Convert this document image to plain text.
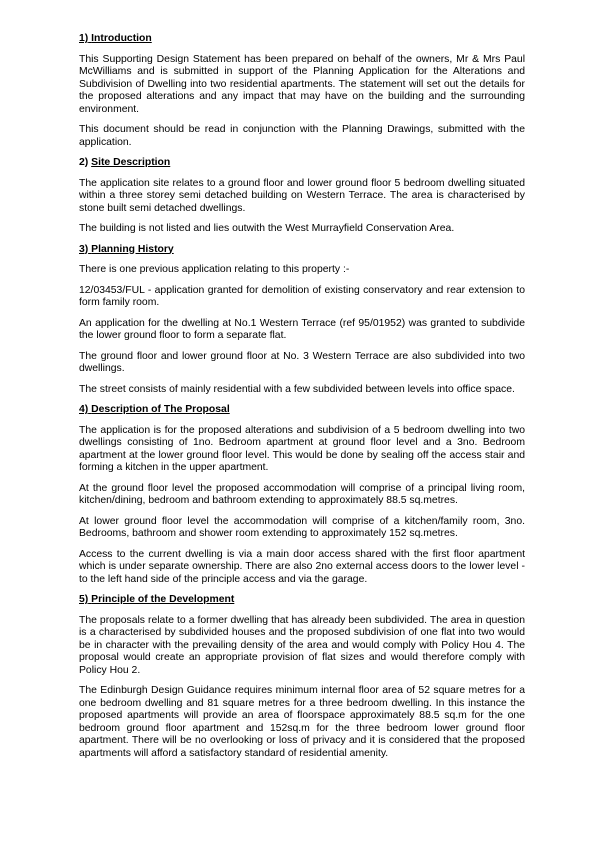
1) Introduction

This Supporting Design Statement has been prepared on behalf of the owners, Mr & Mrs Paul McWilliams and is submitted in support of the Planning Application for the Alterations and Subdivision of Dwelling into two residential apartments. The statement will set out the details for the proposed alterations and any impact that may have on the building and the surrounding environment.

This document should be read in conjunction with the Planning Drawings, submitted with the application.

2) Site Description

The application site relates to a ground floor and lower ground floor 5 bedroom dwelling situated within a three storey semi detached building on Western Terrace. The area is characterised by stone built semi detached dwellings.

The building is not listed and lies outwith the West Murrayfield Conservation Area.

3) Planning History

There is one previous application relating to this property :-

12/03453/FUL - application granted for demolition of existing conservatory and rear extension to form family room.

An application for the dwelling at No.1 Western Terrace (ref 95/01952) was granted to subdivide the lower ground floor to form a separate flat.

The ground floor and lower ground floor at No. 3 Western Terrace are also subdivided into two dwellings.

The street consists of mainly residential with a few subdivided between levels into office space.

4) Description of The Proposal

The application is for the proposed alterations and subdivision of a 5 bedroom dwelling into two dwellings consisting of 1no. Bedroom apartment at ground floor level and a 3no. Bedroom apartment at the lower ground floor level. This would be done by sealing off the access stair and forming a kitchen in the upper apartment.

At the ground floor level the proposed accommodation will comprise of a principal living room, kitchen/dining, bedroom and bathroom extending to approximately 88.5 sq.metres.

At lower ground floor level the accommodation will comprise of a kitchen/family room, 3no. Bedrooms, bathroom and shower room extending to approximately 152 sq.metres.

Access to the current dwelling is via a main door access shared with the first floor apartment which is under separate ownership. There are also 2no external access doors to the lower level - to the left hand side of the principle access and via the garage.

5) Principle of the Development

The proposals relate to a former dwelling that has already been subdivided. The area in question is a characterised by subdivided houses and the proposed subdivision of one flat into two would be in character with the prevailing density of the area and would comply with Policy Hou 4. The proposal would create an appropriate provision of flat sizes and would therefore comply with Policy Hou 2.

The Edinburgh Design Guidance requires minimum internal floor area of 52 square metres for a one bedroom dwelling and 81 square metres for a three bedroom dwelling. In this instance the proposed apartments will provide an area of floorspace approximately 88.5 sq.m for the one bedroom ground floor apartment and 152sq.m for the three bedroom lower ground floor apartment. There will be no overlooking or loss of privacy and it is considered that the proposed apartments will afford a satisfactory standard of residential amenity.
